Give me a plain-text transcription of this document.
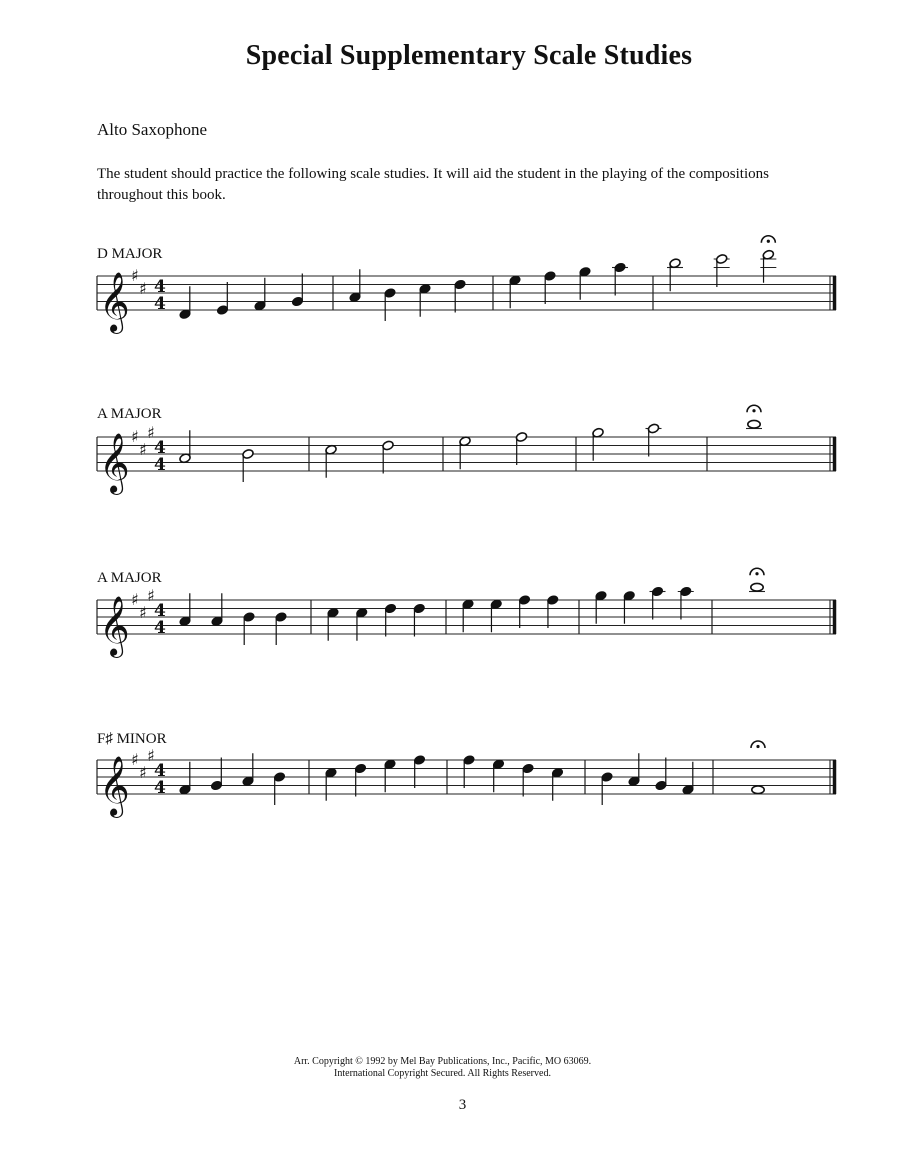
Special Supplementary Scale Studies
Alto Saxophone
The student should practice the following scale studies. It will aid the student in the playing of the compositions throughout this book.
D MAJOR
A MAJOR
A MAJOR
F♯ MINOR
𝄞 ♯
♯ 4
4
𝄞 ♯
♯
♯
4
4
𝄞 ♯
♯
♯
4
4
𝄞 ♯
♯
♯
4
4
Arr. Copyright © 1992 by Mel Bay Publications, Inc., Pacific, MO 63069.
International Copyright Secured. All Rights Reserved.
3
